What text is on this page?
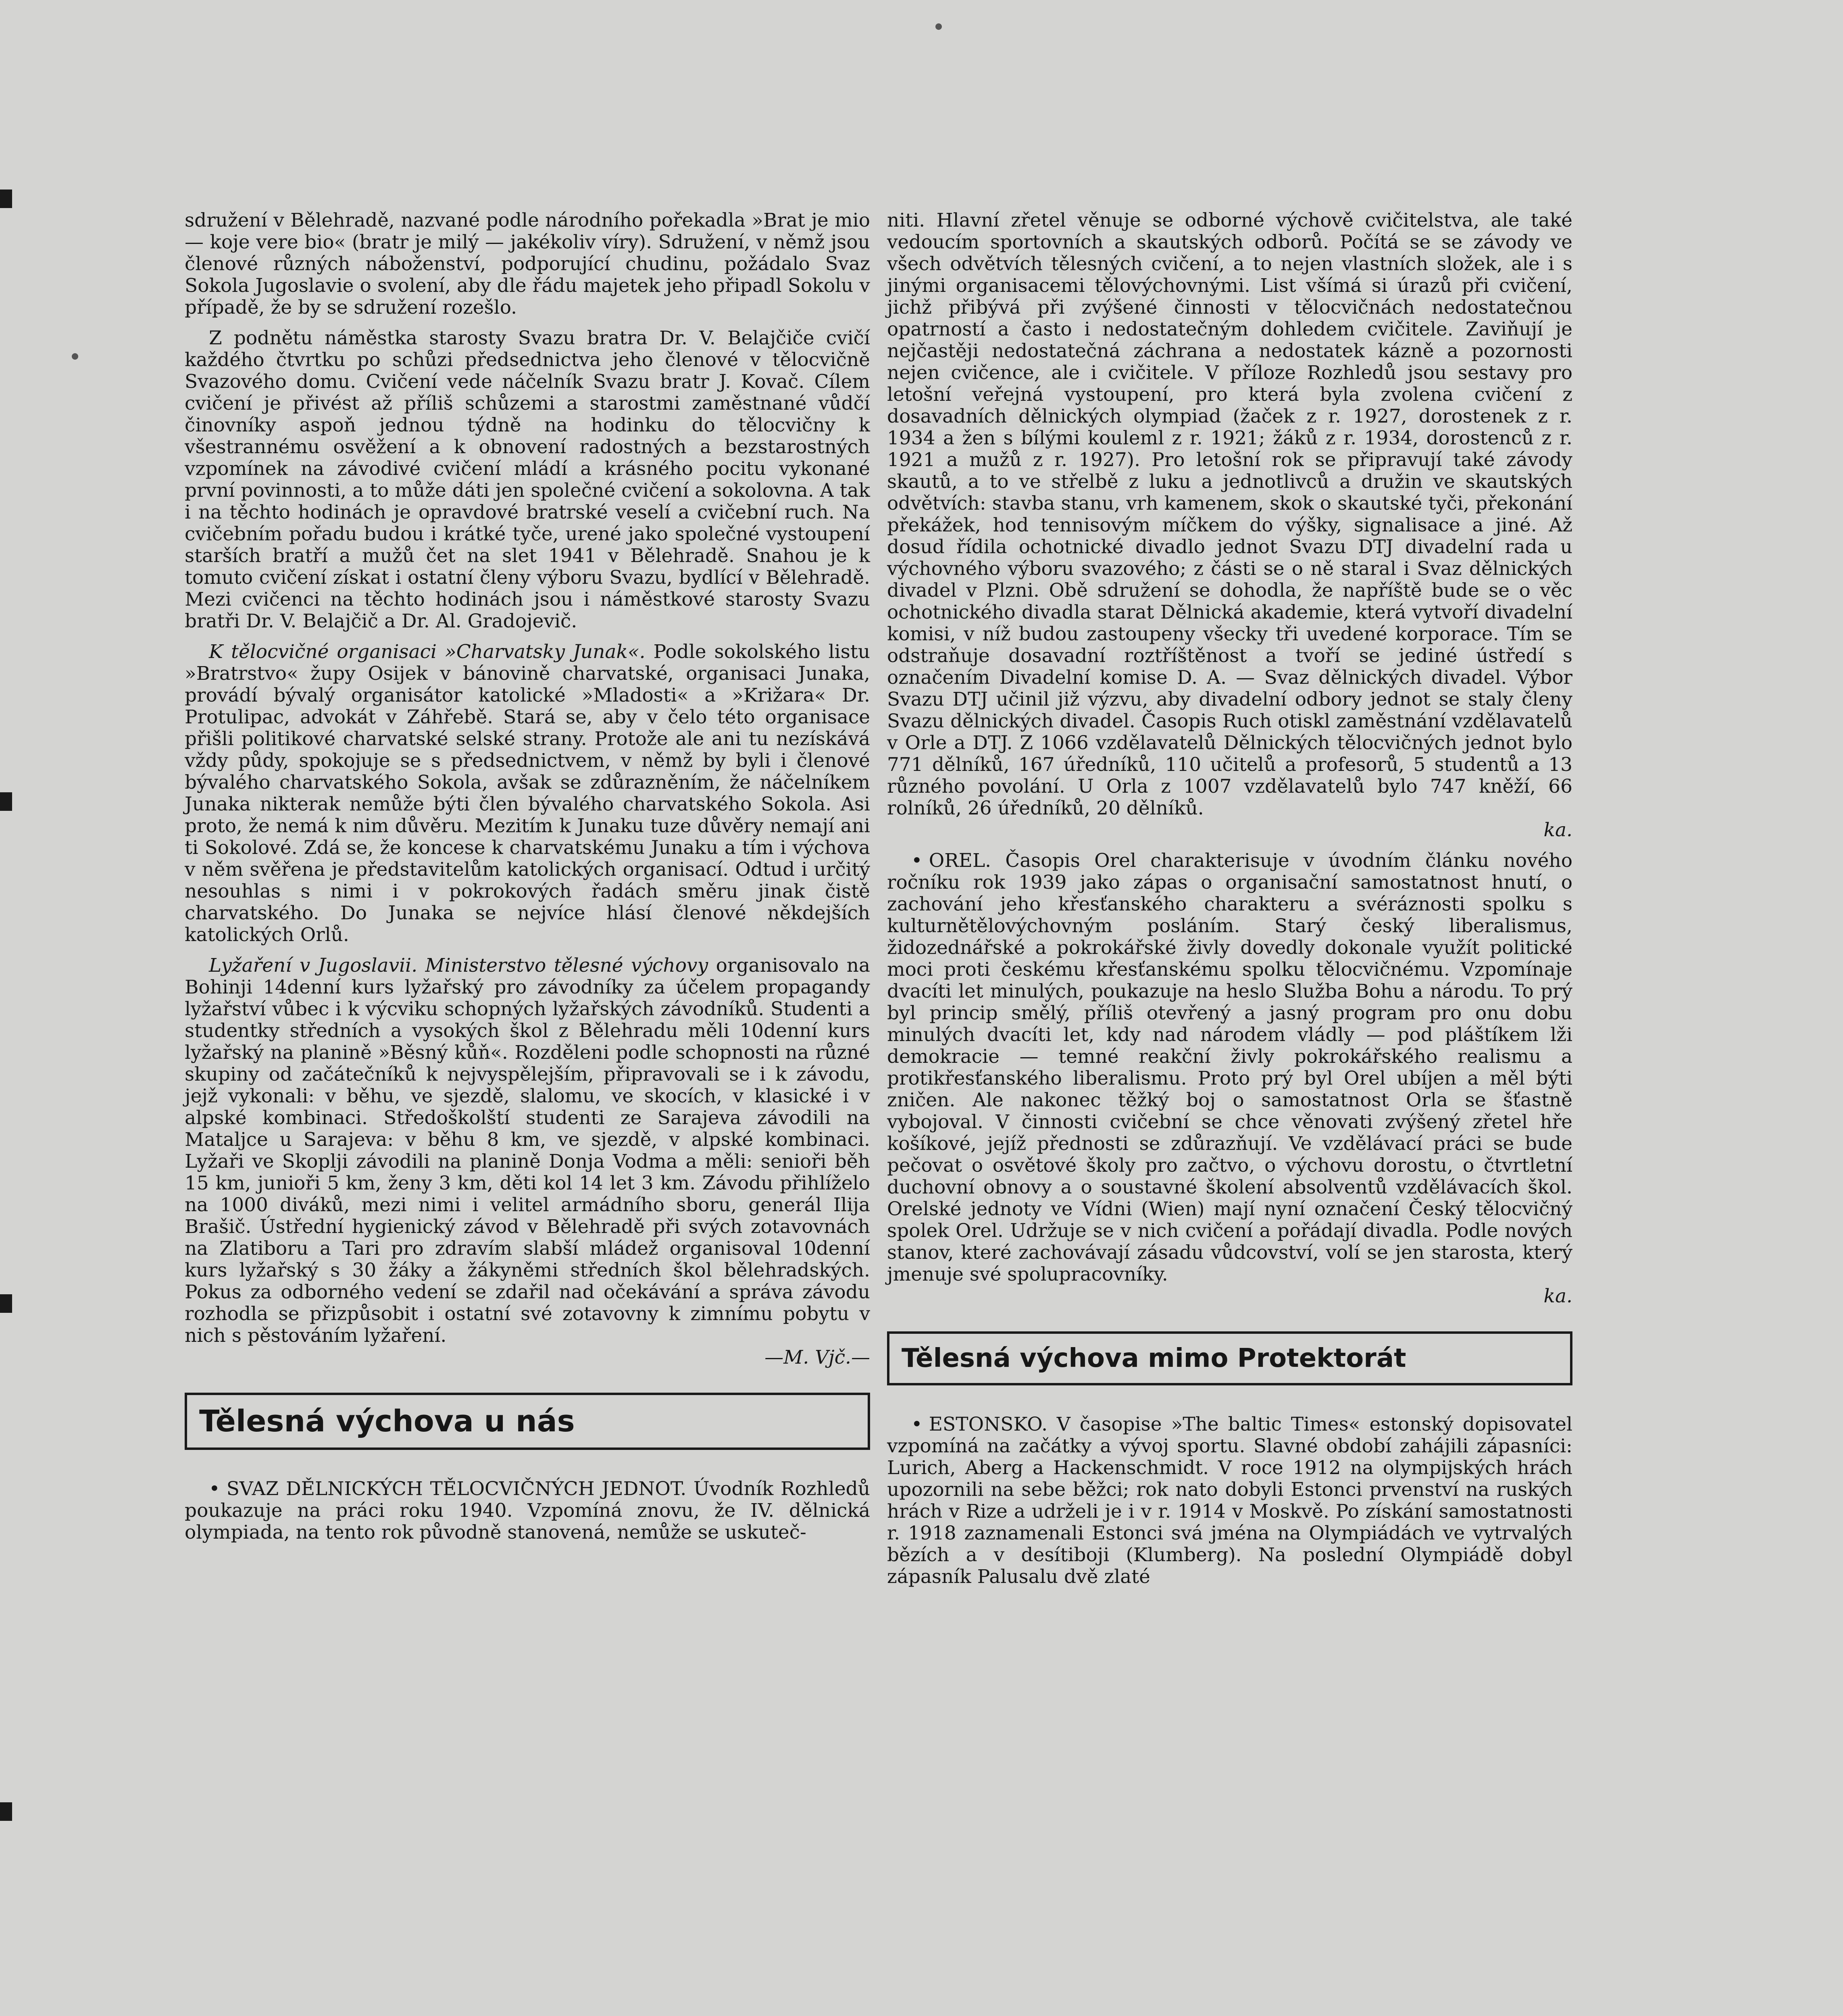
sdružení v Bělehradě, nazvané podle národního pořekadla »Brat je mio — koje vere bio« (bratr je milý — jakékoliv víry). Sdružení, v němž jsou členové různých náboženství, podporující chudinu, požádalo Svaz Sokola Jugoslavie o svolení, aby dle řádu majetek jeho připadl Sokolu v případě, že by se sdružení rozešlo.

Z podnětu náměstka starosty Svazu bratra Dr. V. Belajčiče cvičí každého čtvrtku po schůzi předsednictva jeho členové v tělocvičně Svazového domu. Cvičení vede náčelník Svazu bratr J. Kovač. Cílem cvičení je přivést až příliš schůzemi a starostmi zaměstnané vůdčí činovníky aspoň jednou týdně na hodinku do tělocvičny k všestrannému osvěžení a k obnovení radostných a bezstarostných vzpomínek na závodivé cvičení mládí a krásného pocitu vykonané první povinnosti, a to může dáti jen společné cvičení a sokolovna. A tak i na těchto hodinách je opravdové bratrské veselí a cvičební ruch. Na cvičebním pořadu budou i krátké tyče, urené jako společné vystoupení starších bratří a mužů čet na slet 1941 v Bělehradě. Snahou je k tomuto cvičení získat i ostatní členy výboru Svazu, bydlící v Bělehradě. Mezi cvičenci na těchto hodinách jsou i náměstkové starosty Svazu bratři Dr. V. Belajčič a Dr. Al. Gradojevič.

K tělocvičné organisaci »Charvatsky Junak«. Podle sokolského listu »Bratrstvo« župy Osijek v bánovině charvatské, organisaci Junaka, provádí bývalý organisátor katolické »Mladosti« a »Križara« Dr. Protulipac, advokát v Záhřebě. Stará se, aby v čelo této organisace přišli politikové charvatské selské strany. Protože ale ani tu nezískává vždy půdy, spokojuje se s předsednictvem, v němž by byli i členové bývalého charvatského Sokola, avšak se zdůrazněním, že náčelníkem Junaka nikterak nemůže býti člen bývalého charvatského Sokola. Asi proto, že nemá k nim důvěru. Mezitím k Junaku tuze důvěry nemají ani ti Sokolové. Zdá se, že koncese k charvatskému Junaku a tím i výchova v něm svěřena je představitelům katolických organisací. Odtud i určitý nesouhlas s nimi i v pokrokových řadách směru jinak čistě charvatského. Do Junaka se nejvíce hlásí členové někdejších katolických Orlů.

Lyžaření v Jugoslavii. Ministerstvo tělesné výchovy organisovalo na Bohinji 14denní kurs lyžařský pro závodníky za účelem propagandy lyžařství vůbec i k výcviku schopných lyžařských závodníků. Studenti a studentky středních a vysokých škol z Bělehradu měli 10denní kurs lyžařský na planině »Běsný kůň«. Rozděleni podle schopnosti na různé skupiny od začátečníků k nejvyspělejším, připravovali se i k závodu, jejž vykonali: v běhu, ve sjezdě, slalomu, ve skocích, v klasické i v alpské kombinaci. Středoškolští studenti ze Sarajeva závodili na Mataljce u Sarajeva: v běhu 8 km, ve sjezdě, v alpské kombinaci. Lyžaři ve Skoplji závodili na planině Donja Vodma a měli: senioři běh 15 km, junioři 5 km, ženy 3 km, děti kol 14 let 3 km. Závodu přihlíželo na 1000 diváků, mezi nimi i velitel armádního sboru, generál Ilija Brašič. Ústřední hygienický závod v Bělehradě při svých zotavovnách na Zlatiboru a Tari pro zdravím slabší mládež organisoval 10denní kurs lyžařský s 30 žáky a žákyněmi středních škol bělehradských. Pokus za odborného vedení se zdařil nad očekávání a správa závodu rozhodla se přizpůsobit i ostatní své zotavovny k zimnímu pobytu v nich s pěstováním lyžaření.
—M. Vjč.—

Tělesná výchova u nás

• SVAZ DĚLNICKÝCH TĚLOCVIČNÝCH JEDNOT. Úvodník Rozhledů poukazuje na práci roku 1940. Vzpomíná znovu, že IV. dělnická olympiada, na tento rok původně stanovená, nemůže se uskuteč-

niti. Hlavní zřetel věnuje se odborné výchově cvičitelstva, ale také vedoucím sportovních a skautských odborů. Počítá se se závody ve všech odvětvích tělesných cvičení, a to nejen vlastních složek, ale i s jinými organisacemi tělovýchovnými. List všímá si úrazů při cvičení, jichž přibývá při zvýšené činnosti v tělocvičnách nedostatečnou opatrností a často i nedostatečným dohledem cvičitele. Zaviňují je nejčastěji nedostatečná záchrana a nedostatek kázně a pozornosti nejen cvičence, ale i cvičitele. V příloze Rozhledů jsou sestavy pro letošní veřejná vystoupení, pro která byla zvolena cvičení z dosavadních dělnických olympiad (žaček z r. 1927, dorostenek z r. 1934 a žen s bílými kouleml z r. 1921; žáků z r. 1934, dorostenců z r. 1921 a mužů z r. 1927). Pro letošní rok se připravují také závody skautů, a to ve střelbě z luku a jednotlivců a družin ve skautských odvětvích: stavba stanu, vrh kamenem, skok o skautské tyči, překonání překážek, hod tennisovým míčkem do výšky, signalisace a jiné. Až dosud řídila ochotnické divadlo jednot Svazu DTJ divadelní rada u výchovného výboru svazového; z části se o ně staral i Svaz dělnických divadel v Plzni. Obě sdružení se dohodla, že napříště bude se o věc ochotnického divadla starat Dělnická akademie, která vytvoří divadelní komisi, v níž budou zastoupeny všecky tři uvedené korporace. Tím se odstraňuje dosavadní roztříštěnost a tvoří se jediné ústředí s označením Divadelní komise D. A. — Svaz dělnických divadel. Výbor Svazu DTJ učinil již výzvu, aby divadelní odbory jednot se staly členy Svazu dělnických divadel. Časopis Ruch otiskl zaměstnání vzdělavatelů v Orle a DTJ. Z 1066 vzdělavatelů Dělnických tělocvičných jednot bylo 771 dělníků, 167 úředníků, 110 učitelů a profesorů, 5 studentů a 13 různého povolání. U Orla z 1007 vzdělavatelů bylo 747 kněží, 66 rolníků, 26 úředníků, 20 dělníků.
ka.

• OREL. Časopis Orel charakterisuje v úvodním článku nového ročníku rok 1939 jako zápas o organisační samostatnost hnutí, o zachování jeho křesťanského charakteru a svéráznosti spolku s kulturnětělovýchovným posláním. Starý český liberalismus, židozednářské a pokrokářské živly dovedly dokonale využít politické moci proti českému křesťanskému spolku tělocvičnému. Vzpomínaje dvacíti let minulých, poukazuje na heslo Služba Bohu a národu. To prý byl princip smělý, příliš otevřený a jasný program pro onu dobu minulých dvacíti let, kdy nad národem vládly — pod pláštíkem lži demokracie — temné reakční živly pokrokářského realismu a protikřesťanského liberalismu. Proto prý byl Orel ubíjen a měl býti zničen. Ale nakonec těžký boj o samostatnost Orla se šťastně vybojoval. V činnosti cvičební se chce věnovati zvýšený zřetel hře košíkové, jejíž přednosti se zdůrazňují. Ve vzdělávací práci se bude pečovat o osvětové školy pro začtvo, o výchovu dorostu, o čtvrtletní duchovní obnovy a o soustavné školení absolventů vzdělávacích škol. Orelské jednoty ve Vídni (Wien) mají nyní označení Český tělocvičný spolek Orel. Udržuje se v nich cvičení a pořádají divadla. Podle nových stanov, které zachovávají zásadu vůdcovství, volí se jen starosta, který jmenuje své spolupracovníky.
ka.

Tělesná výchova mimo Protektorát

• ESTONSKO. V časopise »The baltic Times« estonský dopisovatel vzpomíná na začátky a vývoj sportu. Slavné období zahájili zápasníci: Lurich, Aberg a Hackenschmidt. V roce 1912 na olympijských hrách upozornili na sebe běžci; rok nato dobyli Estonci prvenství na ruských hrách v Rize a udrželi je i v r. 1914 v Moskvě. Po získání samostatnosti r. 1918 zaznamenali Estonci svá jména na Olympiádách ve vytrvalých bězích a v desítiboji (Klumberg). Na poslední Olympiádě dobyl zápasník Palusalu dvě zlaté
